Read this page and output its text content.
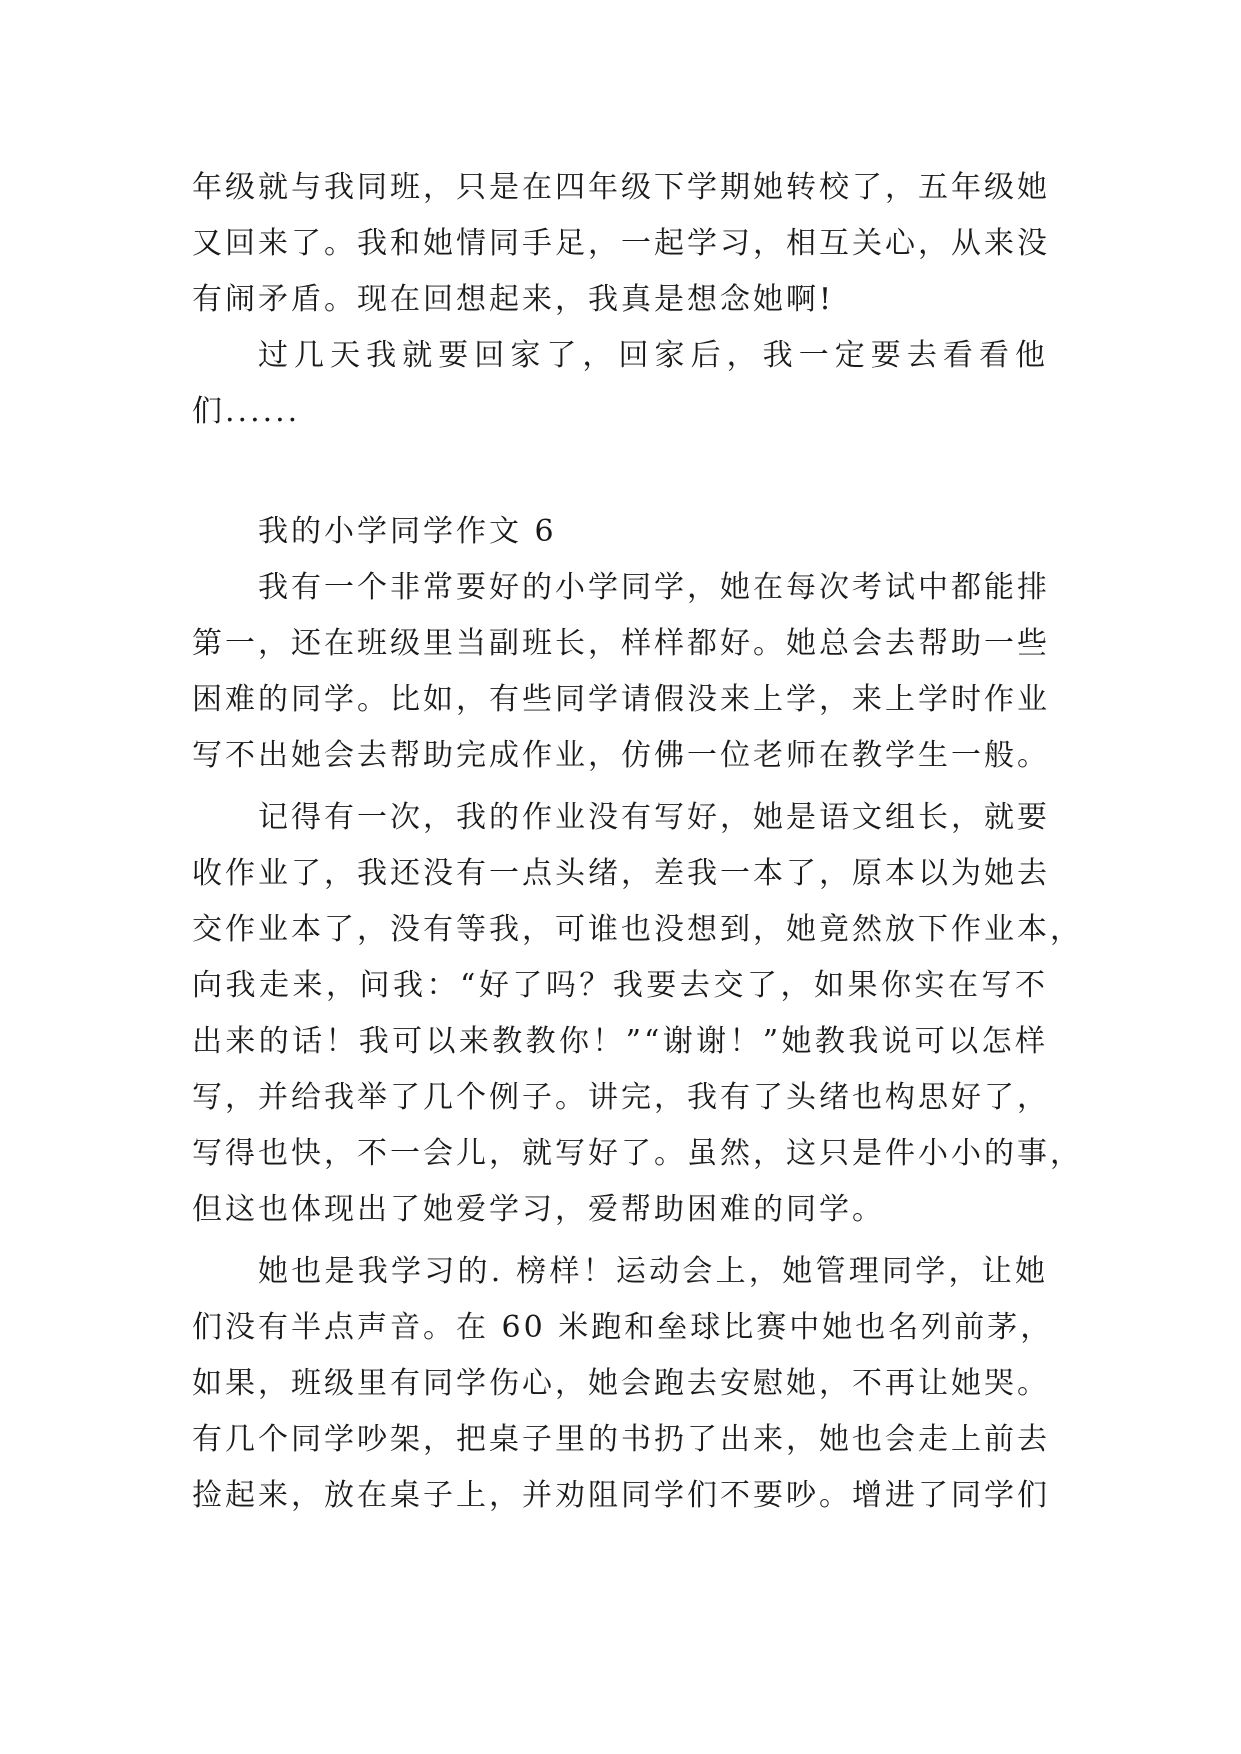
年级就与我同班，只是在四年级下学期她转校了，五年级她
又回来了。我和她情同手足，一起学习，相互关心，从来没
有闹矛盾。现在回想起来，我真是想念她啊!
过几天我就要回家了，回家后，我一定要去看看他
们......
我的小学同学作文 6
我有一个非常要好的小学同学，她在每次考试中都能排
第一，还在班级里当副班长，样样都好。她总会去帮助一些
困难的同学。比如，有些同学请假没来上学，来上学时作业
写不出她会去帮助完成作业，仿佛一位老师在教学生一般。
记得有一次，我的作业没有写好，她是语文组长，就要
收作业了，我还没有一点头绪，差我一本了，原本以为她去
交作业本了，没有等我，可谁也没想到，她竟然放下作业本，
向我走来，问我：“好了吗？我要去交了，如果你实在写不
出来的话！我可以来教教你！”“谢谢！”她教我说可以怎样
写，并给我举了几个例子。讲完，我有了头绪也构思好了，
写得也快，不一会儿，就写好了。虽然，这只是件小小的事，
但这也体现出了她爱学习，爱帮助困难的同学。
她也是我学习的. 榜样！运动会上，她管理同学，让她
们没有半点声音。在 60 米跑和垒球比赛中她也名列前茅，
如果，班级里有同学伤心，她会跑去安慰她，不再让她哭。
有几个同学吵架，把桌子里的书扔了出来，她也会走上前去
捡起来，放在桌子上，并劝阻同学们不要吵。增进了同学们
